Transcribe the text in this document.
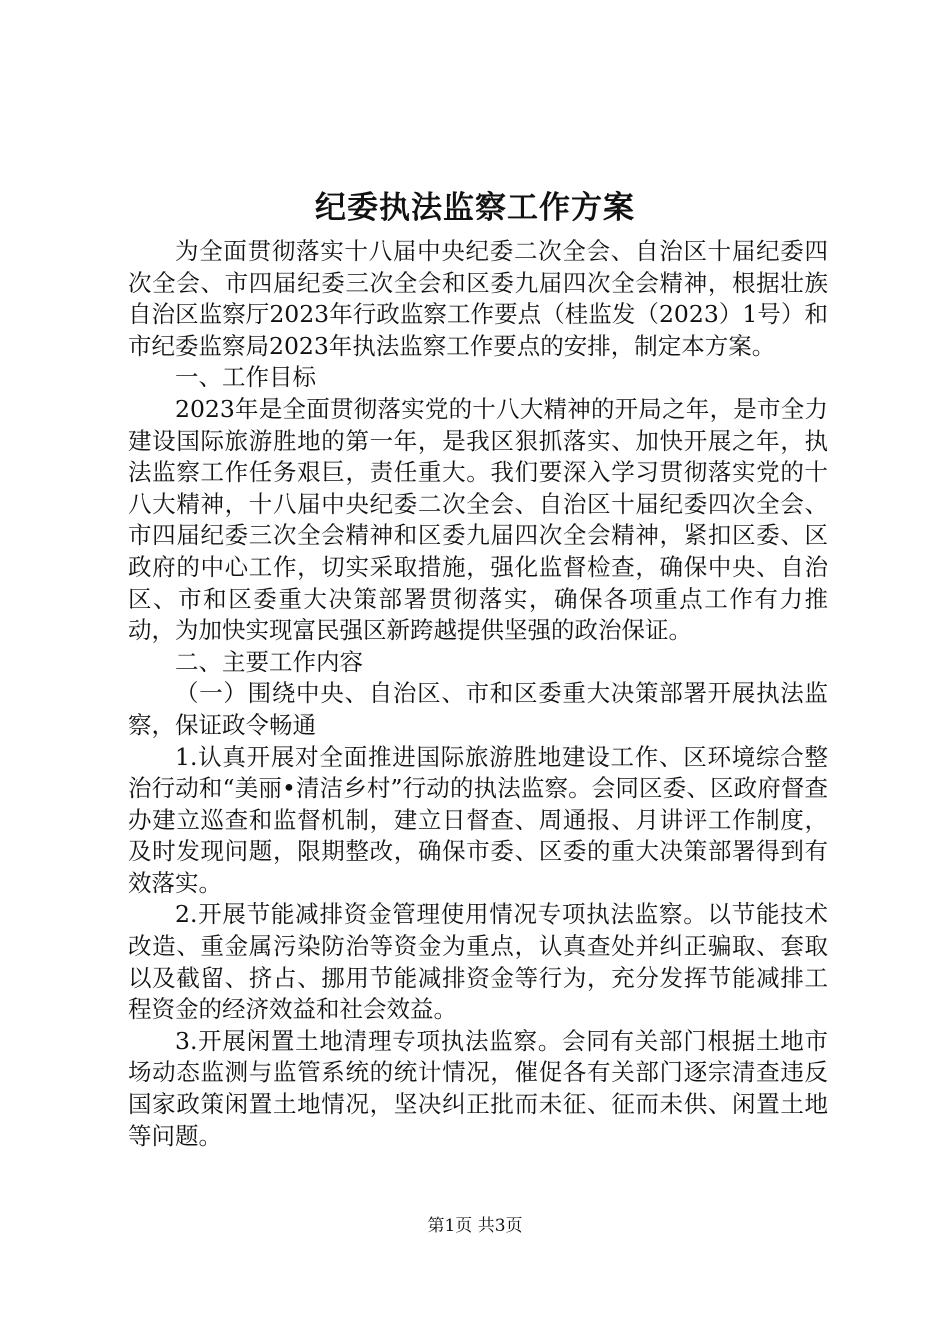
纪委执法监察工作方案

为全面贯彻落实十八届中央纪委二次全会、自治区十届纪委四次全会、市四届纪委三次全会和区委九届四次全会精神，根据壮族自治区监察厅2023年行政监察工作要点（桂监发（2023）1号）和市纪委监察局2023年执法监察工作要点的安排，制定本方案。

一、工作目标

2023年是全面贯彻落实党的十八大精神的开局之年，是市全力建设国际旅游胜地的第一年，是我区狠抓落实、加快开展之年，执法监察工作任务艰巨，责任重大。我们要深入学习贯彻落实党的十八大精神，十八届中央纪委二次全会、自治区十届纪委四次全会、市四届纪委三次全会精神和区委九届四次全会精神，紧扣区委、区政府的中心工作，切实采取措施，强化监督检查，确保中央、自治区、市和区委重大决策部署贯彻落实，确保各项重点工作有力推动，为加快实现富民强区新跨越提供坚强的政治保证。

二、主要工作内容

（一）围绕中央、自治区、市和区委重大决策部署开展执法监察，保证政令畅通

1.认真开展对全面推进国际旅游胜地建设工作、区环境综合整治行动和“美丽•清洁乡村”行动的执法监察。会同区委、区政府督查办建立巡查和监督机制，建立日督查、周通报、月讲评工作制度，及时发现问题，限期整改，确保市委、区委的重大决策部署得到有效落实。

2.开展节能减排资金管理使用情况专项执法监察。以节能技术改造、重金属污染防治等资金为重点，认真查处并纠正骗取、套取以及截留、挤占、挪用节能减排资金等行为，充分发挥节能减排工程资金的经济效益和社会效益。

3.开展闲置土地清理专项执法监察。会同有关部门根据土地市场动态监测与监管系统的统计情况，催促各有关部门逐宗清查违反国家政策闲置土地情况，坚决纠正批而未征、征而未供、闲置土地等问题。

第1页 共3页
